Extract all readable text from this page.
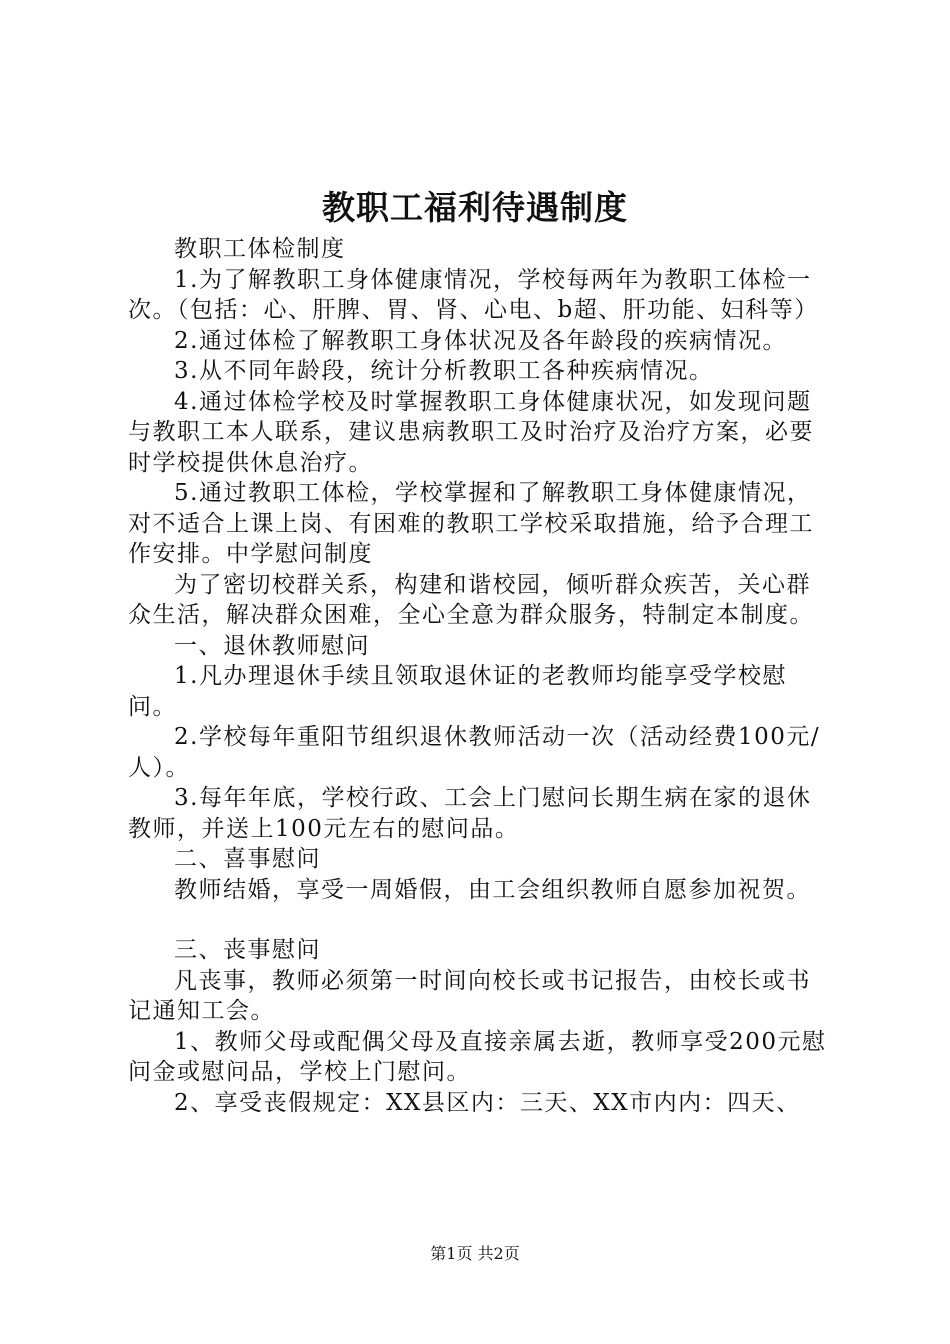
教职工福利待遇制度

教职工体检制度

1.为了解教职工身体健康情况，学校每两年为教职工体检一次。（包括：心、肝脾、胃、肾、心电、b超、肝功能、妇科等）

2.通过体检了解教职工身体状况及各年龄段的疾病情况。

3.从不同年龄段，统计分析教职工各种疾病情况。

4.通过体检学校及时掌握教职工身体健康状况，如发现问题与教职工本人联系，建议患病教职工及时治疗及治疗方案，必要时学校提供休息治疗。

5.通过教职工体检，学校掌握和了解教职工身体健康情况，对不适合上课上岗、有困难的教职工学校采取措施，给予合理工作安排。中学慰问制度

为了密切校群关系，构建和谐校园，倾听群众疾苦，关心群众生活，解决群众困难，全心全意为群众服务，特制定本制度。

一、退休教师慰问

1.凡办理退休手续且领取退休证的老教师均能享受学校慰问。

2.学校每年重阳节组织退休教师活动一次（活动经费100元/人）。

3.每年年底，学校行政、工会上门慰问长期生病在家的退休教师，并送上100元左右的慰问品。

二、喜事慰问

教师结婚，享受一周婚假，由工会组织教师自愿参加祝贺。

三、丧事慰问

凡丧事，教师必须第一时间向校长或书记报告，由校长或书记通知工会。

1、教师父母或配偶父母及直接亲属去逝，教师享受200元慰问金或慰问品，学校上门慰问。

2、享受丧假规定：XX县区内：三天、XX市内内：四天、

第1页 共2页
